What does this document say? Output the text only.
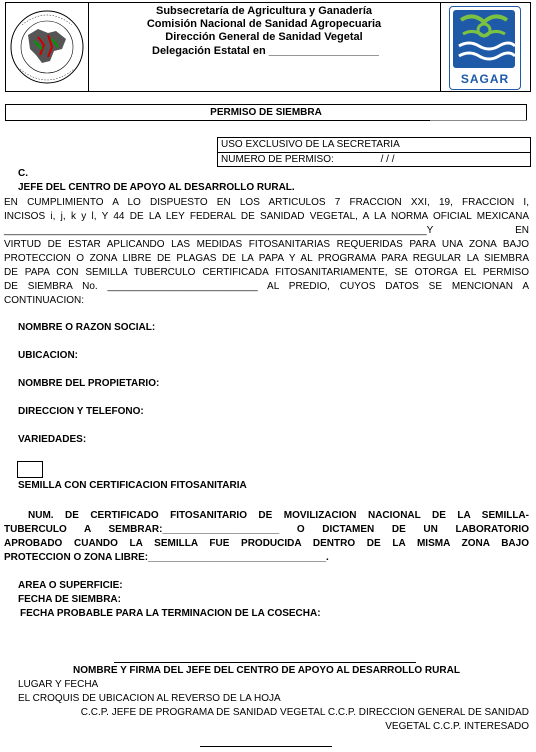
Subsecretaría de Agricultura y Ganadería
Comisión Nacional de Sanidad Agropecuaria
Dirección General de Sanidad Vegetal
Delegación Estatal en __________________
SAGAR
PERMISO DE SIEMBRA
USO EXCLUSIVO DE LA SECRETARIA
NUMERO DE PERMISO:	/ / /
C.
JEFE DEL CENTRO DE APOYO AL DESARROLLO RURAL.
EN CUMPLIMIENTO A LO DISPUESTO EN LOS ARTICULOS 7 FRACCION XXI, 19, FRACCION I,
INCISOS i, j, k y l, Y 44 DE LA LEY FEDERAL DE SANIDAD VEGETAL, A LA NORMA OFICIAL MEXICANA
____________________________________________________________________________Y EN
VIRTUD DE ESTAR APLICANDO LAS MEDIDAS FITOSANITARIAS REQUERIDAS PARA UNA ZONA BAJO
PROTECCION O ZONA LIBRE DE PLAGAS DE LA PAPA Y AL PROGRAMA PARA REGULAR LA SIEMBRA
DE PAPA CON SEMILLA TUBERCULO CERTIFICADA FITOSANITARIAMENTE, SE OTORGA EL PERMISO
DE SIEMBRA No. ___________________________ AL PREDIO, CUYOS DATOS SE MENCIONAN A
CONTINUACION:
NOMBRE O RAZON SOCIAL:
UBICACION:
NOMBRE DEL PROPIETARIO:
DIRECCION Y TELEFONO:
VARIEDADES:
SEMILLA CON CERTIFICACION FITOSANITARIA
NUM. DE CERTIFICADO FITOSANITARIO DE MOVILIZACION NACIONAL DE LA SEMILLA-
TUBERCULO A SEMBRAR:_____________________ O DICTAMEN DE UN LABORATORIO
APROBADO CUANDO LA SEMILLA FUE PRODUCIDA DENTRO DE LA MISMA ZONA BAJO
PROTECCION O ZONA LIBRE:________________________________.
AREA O SUPERFICIE:
FECHA DE SIEMBRA:
FECHA PROBABLE PARA LA TERMINACION DE LA COSECHA:
NOMBRE Y FIRMA DEL JEFE DEL CENTRO DE APOYO AL DESARROLLO RURAL
LUGAR Y FECHA
EL CROQUIS DE UBICACION AL REVERSO DE LA HOJA
C.C.P. JEFE DE PROGRAMA DE SANIDAD VEGETAL C.C.P. DIRECCION GENERAL DE SANIDAD
VEGETAL C.C.P. INTERESADO
